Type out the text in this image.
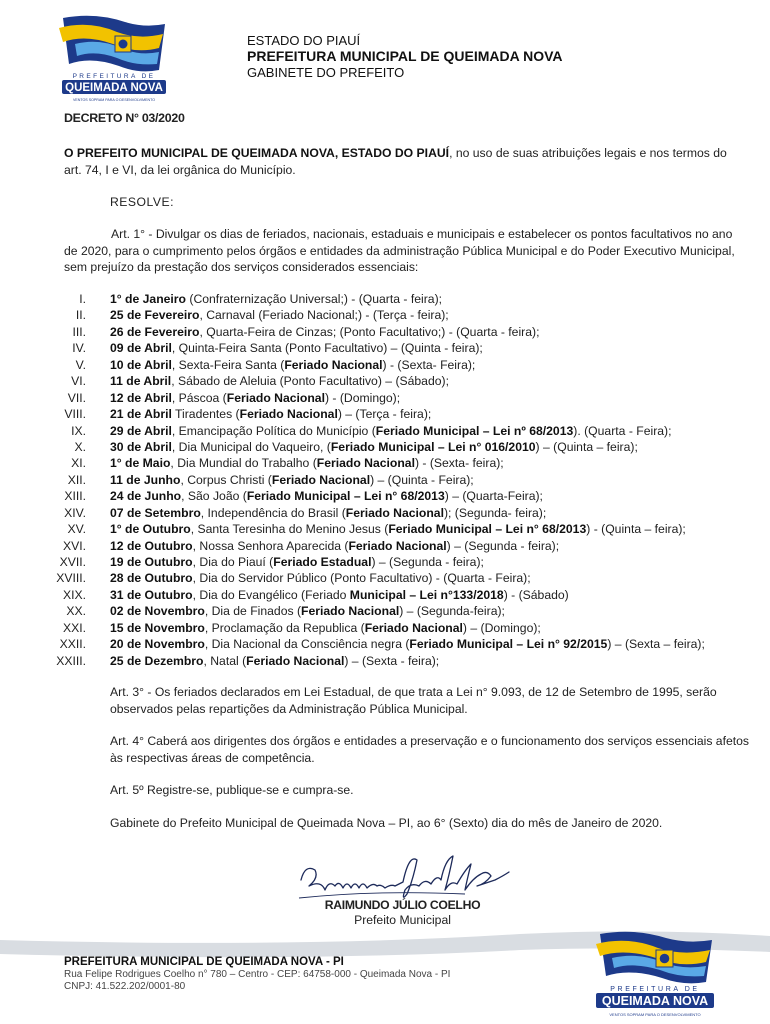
PREFEITURA DE
QUEIMADA NOVA
VENTOS SOPRAM PARA O DESENVOLVIMENTO
ESTADO DO PIAUÍ
PREFEITURA MUNICIPAL DE QUEIMADA NOVA
GABINETE DO PREFEITO
DECRETO N° 03/2020

O PREFEITO MUNICIPAL DE QUEIMADA NOVA, ESTADO DO PIAUÍ, no uso de suas atribuições legais e nos termos do art. 74, I e VI, da lei orgânica do Município.

RESOLVE:

Art. 1° - Divulgar os dias de feriados, nacionais, estaduais e municipais e estabelecer os pontos facultativos no ano de 2020, para o cumprimento pelos órgãos e entidades da administração Pública Municipal e do Poder Executivo Municipal, sem prejuízo da prestação dos serviços considerados essenciais:

I. 1° de Janeiro (Confraternização Universal;) - (Quarta - feira);
II. 25 de Fevereiro, Carnaval (Feriado Nacional;) - (Terça - feira);
III. 26 de Fevereiro, Quarta-Feira de Cinzas; (Ponto Facultativo;) - (Quarta - feira);
IV. 09 de Abril, Quinta-Feira Santa (Ponto Facultativo) – (Quinta - feira);
V. 10 de Abril, Sexta-Feira Santa (Feriado Nacional) - (Sexta- Feira);
VI. 11 de Abril, Sábado de Aleluia (Ponto Facultativo) – (Sábado);
VII. 12 de Abril, Páscoa (Feriado Nacional) - (Domingo);
VIII. 21 de Abril Tiradentes (Feriado Nacional) – (Terça - feira);
IX. 29 de Abril, Emancipação Política do Município (Feriado Municipal – Lei nº 68/2013). (Quarta - Feira);
X. 30 de Abril, Dia Municipal do Vaqueiro, (Feriado Municipal – Lei n° 016/2010) – (Quinta – feira);
XI. 1° de Maio, Dia Mundial do Trabalho (Feriado Nacional) - (Sexta- feira);
XII. 11 de Junho, Corpus Christi (Feriado Nacional) – (Quinta - Feira);
XIII. 24 de Junho, São João (Feriado Municipal – Lei n° 68/2013) – (Quarta-Feira);
XIV. 07 de Setembro, Independência do Brasil (Feriado Nacional); (Segunda- feira);
XV. 1° de Outubro, Santa Teresinha do Menino Jesus (Feriado Municipal – Lei n° 68/2013) - (Quinta – feira);
XVI. 12 de Outubro, Nossa Senhora Aparecida (Feriado Nacional) – (Segunda - feira);
XVII. 19 de Outubro, Dia do Piauí (Feriado Estadual) – (Segunda - feira);
XVIII. 28 de Outubro, Dia do Servidor Público (Ponto Facultativo) - (Quarta - Feira);
XIX. 31 de Outubro, Dia do Evangélico (Feriado Municipal – Lei n°133/2018) - (Sábado)
XX. 02 de Novembro, Dia de Finados (Feriado Nacional) – (Segunda-feira);
XXI. 15 de Novembro, Proclamação da Republica (Feriado Nacional) – (Domingo);
XXII. 20 de Novembro, Dia Nacional da Consciência negra (Feriado Municipal – Lei n° 92/2015) – (Sexta – feira);
XXIII. 25 de Dezembro, Natal (Feriado Nacional) – (Sexta - feira);

Art. 3° - Os feriados declarados em Lei Estadual, de que trata a Lei n° 9.093, de 12 de Setembro de 1995, serão observados pelas repartições da Administração Pública Municipal.

Art. 4° Caberá aos dirigentes dos órgãos e entidades a preservação e o funcionamento dos serviços essenciais afetos às respectivas áreas de competência.

Art. 5º Registre-se, publique-se e cumpra-se.

Gabinete do Prefeito Municipal de Queimada Nova – PI, ao 6° (Sexto) dia do mês de Janeiro de 2020.

RAIMUNDO JÚLIO COELHO
Prefeito Municipal
PREFEITURA MUNICIPAL DE QUEIMADA NOVA - PI
Rua Felipe Rodrigues Coelho n° 780 – Centro - CEP: 64758-000 - Queimada Nova - PI
CNPJ: 41.522.202/0001-80	PREFEITURA DE
QUEIMADA NOVA
VENTOS SOPRAM PARA O DESENVOLVIMENTO
